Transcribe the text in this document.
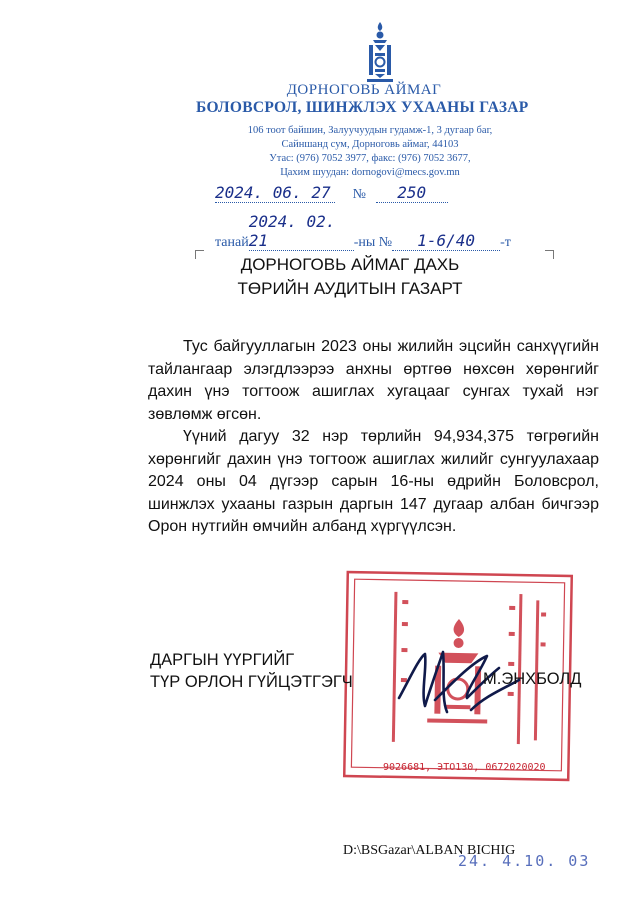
ДОРНОГОВЬ АЙМАГ
БОЛОВСРОЛ, ШИНЖЛЭХ УХААНЫ ГАЗАР
106 тоот байшин, Залуучуудын гудамж-1, 3 дугаар баг,
Сайншанд сум, Дорноговь аймаг, 44103
Утас: (976) 7052 3977, факс: (976) 7052 3677,
Цахим шуудан: dornogovi@mecs.gov.mn
2024. 06. 27 № 250
танай2024. 02. 21	-ны № 1-6/40 -т
ДОРНОГОВЬ АЙМАГ ДАХЬ
ТӨРИЙН АУДИТЫН ГАЗАРТ

Тус байгууллагын 2023 оны жилийн эцсийн санхүүгийн тайлангаар элэгдлээрээ анхны өртгөө нөхсөн хөрөнгийг дахин үнэ тогтоож ашиглах хугацааг сунгах тухай нэг зөвлөмж өгсөн.

Үүний дагуу 32 нэр төрлийн 94,934,375 төгрөгийн хөрөнгийг дахин үнэ тогтоож ашиглах жилийг сунгуулахаар 2024 оны 04 дүгээр сарын 16-ны өдрийн Боловсрол, шинжлэх ухааны газрын даргын 147 дугаар албан бичгээр Орон нутгийн өмчийн албанд хүргүүлсэн.

9026681, ЭТО130, 0672020020
ДАРГЫН ҮҮРГИЙГ
ТҮР ОРЛОН ГҮЙЦЭТГЭГЧ	М.ЭНХБОЛД
D:\BSGazar\ALBAN BICHIG
24. 4.10. 03
